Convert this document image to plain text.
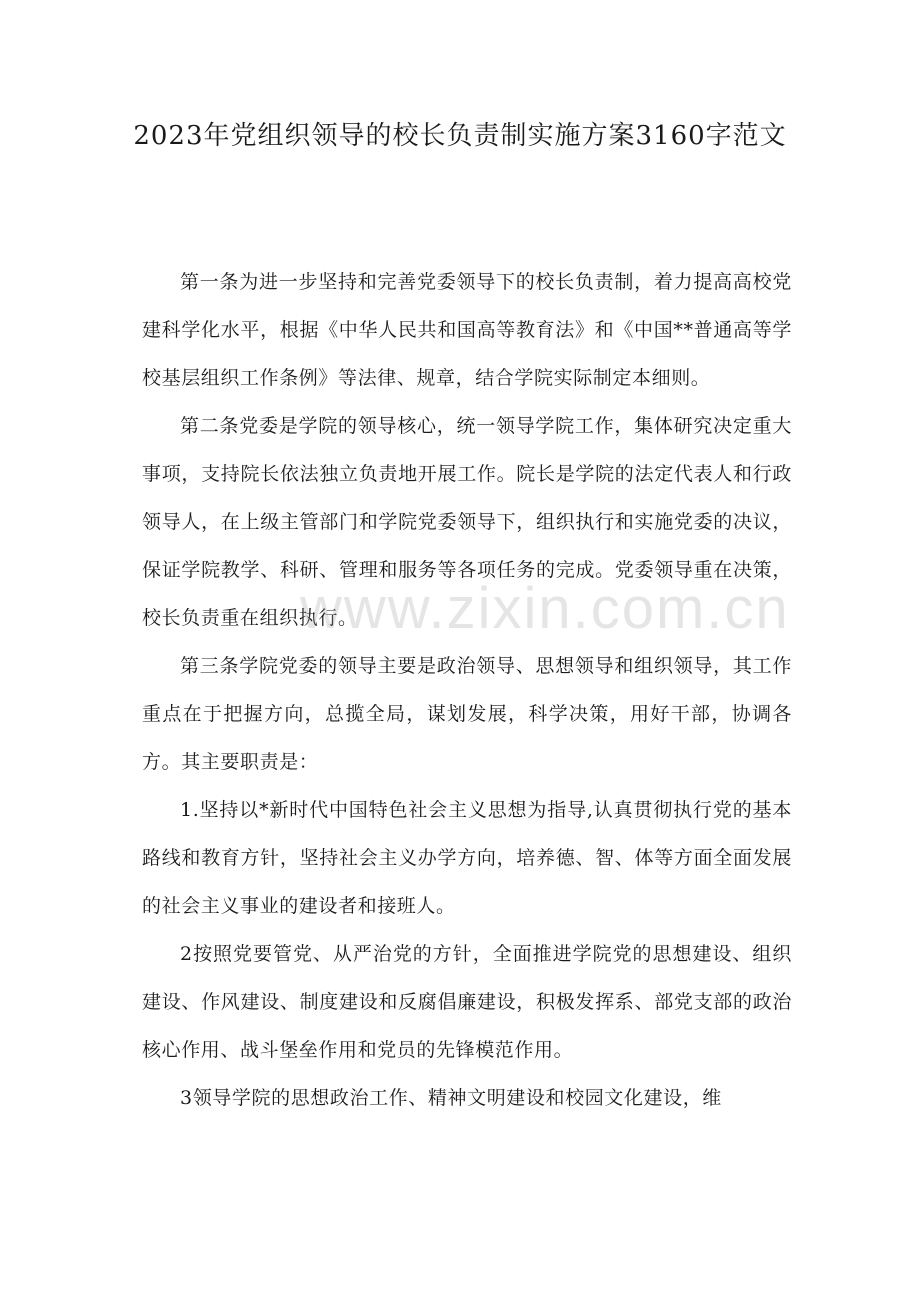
2023年党组织领导的校长负责制实施方案3160字范文

第一条为进一步坚持和完善党委领导下的校长负责制，着力提高高校党建科学化水平，根据《中华人民共和国高等教育法》和《中国**普通高等学校基层组织工作条例》等法律、规章，结合学院实际制定本细则。

第二条党委是学院的领导核心，统一领导学院工作，集体研究决定重大事项，支持院长依法独立负责地开展工作。院长是学院的法定代表人和行政领导人，在上级主管部门和学院党委领导下，组织执行和实施党委的决议，保证学院教学、科研、管理和服务等各项任务的完成。党委领导重在决策，校长负责重在组织执行。

第三条学院党委的领导主要是政治领导、思想领导和组织领导，其工作重点在于把握方向，总揽全局，谋划发展，科学决策，用好干部，协调各方。其主要职责是：

1.坚持以*新时代中国特色社会主义思想为指导,认真贯彻执行党的基本路线和教育方针，坚持社会主义办学方向，培养德、智、体等方面全面发展的社会主义事业的建设者和接班人。

2按照党要管党、从严治党的方针，全面推进学院党的思想建设、组织建设、作风建设、制度建设和反腐倡廉建设，积极发挥系、部党支部的政治核心作用、战斗堡垒作用和党员的先锋模范作用。

3领导学院的思想政治工作、精神文明建设和校园文化建设，维

www.zixin.com.cn
